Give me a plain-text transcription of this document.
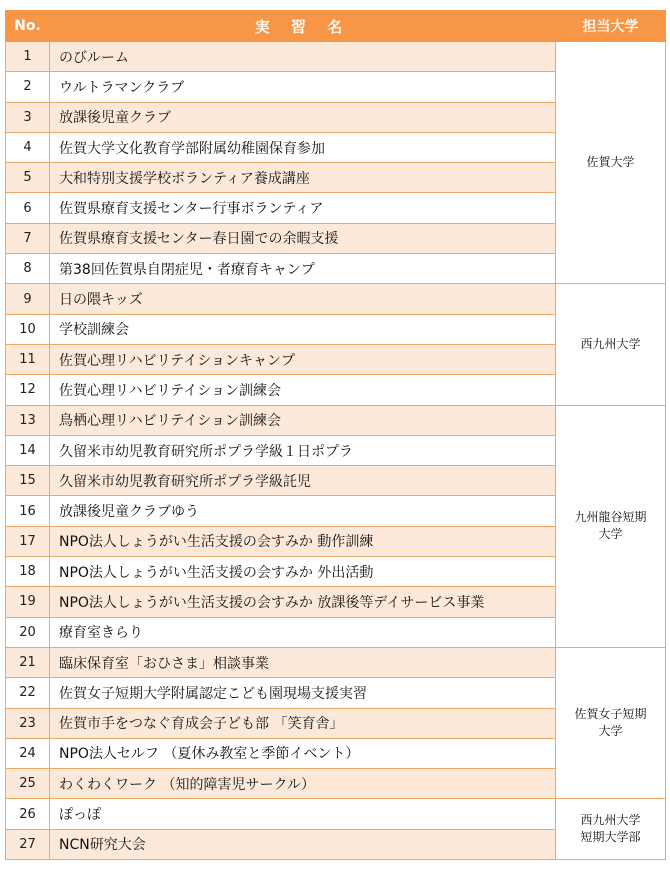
No.	実 習 名	担当大学
1	のびルーム	佐賀大学
2	ウルトラマンクラブ	
3	放課後児童クラブ	
4	佐賀大学文化教育学部附属幼稚園保育参加	
5	大和特別支援学校ボランティア養成講座	
6	佐賀県療育支援センター行事ボランティア	
7	佐賀県療育支援センター春日園での余暇支援	
8	第38回佐賀県自閉症児・者療育キャンプ	
9	日の隈キッズ	西九州大学
10	学校訓練会	
11	佐賀心理リハビリテイションキャンプ	
12	佐賀心理リハビリテイション訓練会	
13	鳥栖心理リハビリテイション訓練会	九州龍谷短期
大学
14	久留米市幼児教育研究所ポプラ学級１日ポプラ	
15	久留米市幼児教育研究所ポプラ学級託児	
16	放課後児童クラブゆう	
17	NPO法人しょうがい生活支援の会すみか 動作訓練	
18	NPO法人しょうがい生活支援の会すみか 外出活動	
19	NPO法人しょうがい生活支援の会すみか 放課後等デイサービス事業	
20	療育室きらり	
21	臨床保育室「おひさま」相談事業	佐賀女子短期
大学
22	佐賀女子短期大学附属認定こども園現場支援実習	
23	佐賀市手をつなぐ育成会子ども部 「笑育舎」	
24	NPO法人セルフ （夏休み教室と季節イベント）	
25	わくわくワーク （知的障害児サークル）	
26	ぽっぽ	西九州大学
短期大学部
27	NCN研究大会	
